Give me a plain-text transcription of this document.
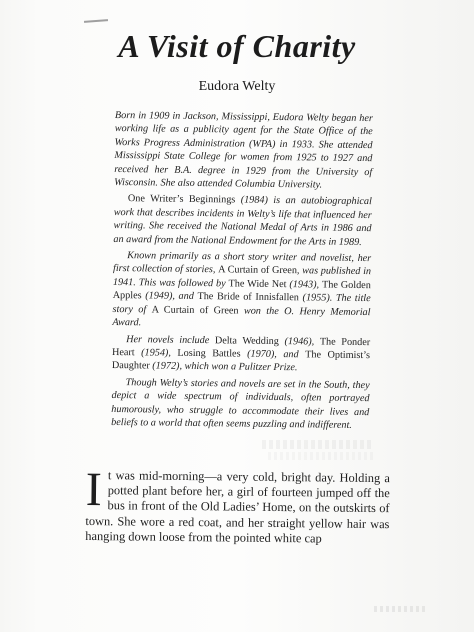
A Visit of Charity
Eudora Welty

Born in 1909 in Jackson, Mississippi, Eudora Welty began her working life as a publicity agent for the State Office of the Works Progress Administration (WPA) in 1933. She attended Mississippi State College for women from 1925 to 1927 and received her B.A. degree in 1929 from the University of Wisconsin. She also attended Columbia University.

One Writer’s Beginnings (1984) is an autobiographical work that describes incidents in Welty’s life that influenced her writing. She received the National Medal of Arts in 1986 and an award from the National Endowment for the Arts in 1989.

Known primarily as a short story writer and novelist, her first collection of stories, A Curtain of Green, was published in 1941. This was followed by The Wide Net (1943), The Golden Apples (1949), and The Bride of Innisfallen (1955). The title story of A Curtain of Green won the O. Henry Memorial Award.

Her novels include Delta Wedding (1946), The Ponder Heart (1954), Losing Battles (1970), and The Optimist’s Daughter (1972), which won a Pulitzer Prize.

Though Welty’s stories and novels are set in the South, they depict a wide spectrum of individuals, often portrayed humorously, who struggle to accommodate their lives and beliefs to a world that often seems puzzling and indifferent.

It was mid-morning—a very cold, bright day. Holding a potted plant before her, a girl of fourteen jumped off the bus in front of the Old Ladies’ Home, on the outskirts of town. She wore a red coat, and her straight yellow hair was hanging down loose from the pointed white cap
